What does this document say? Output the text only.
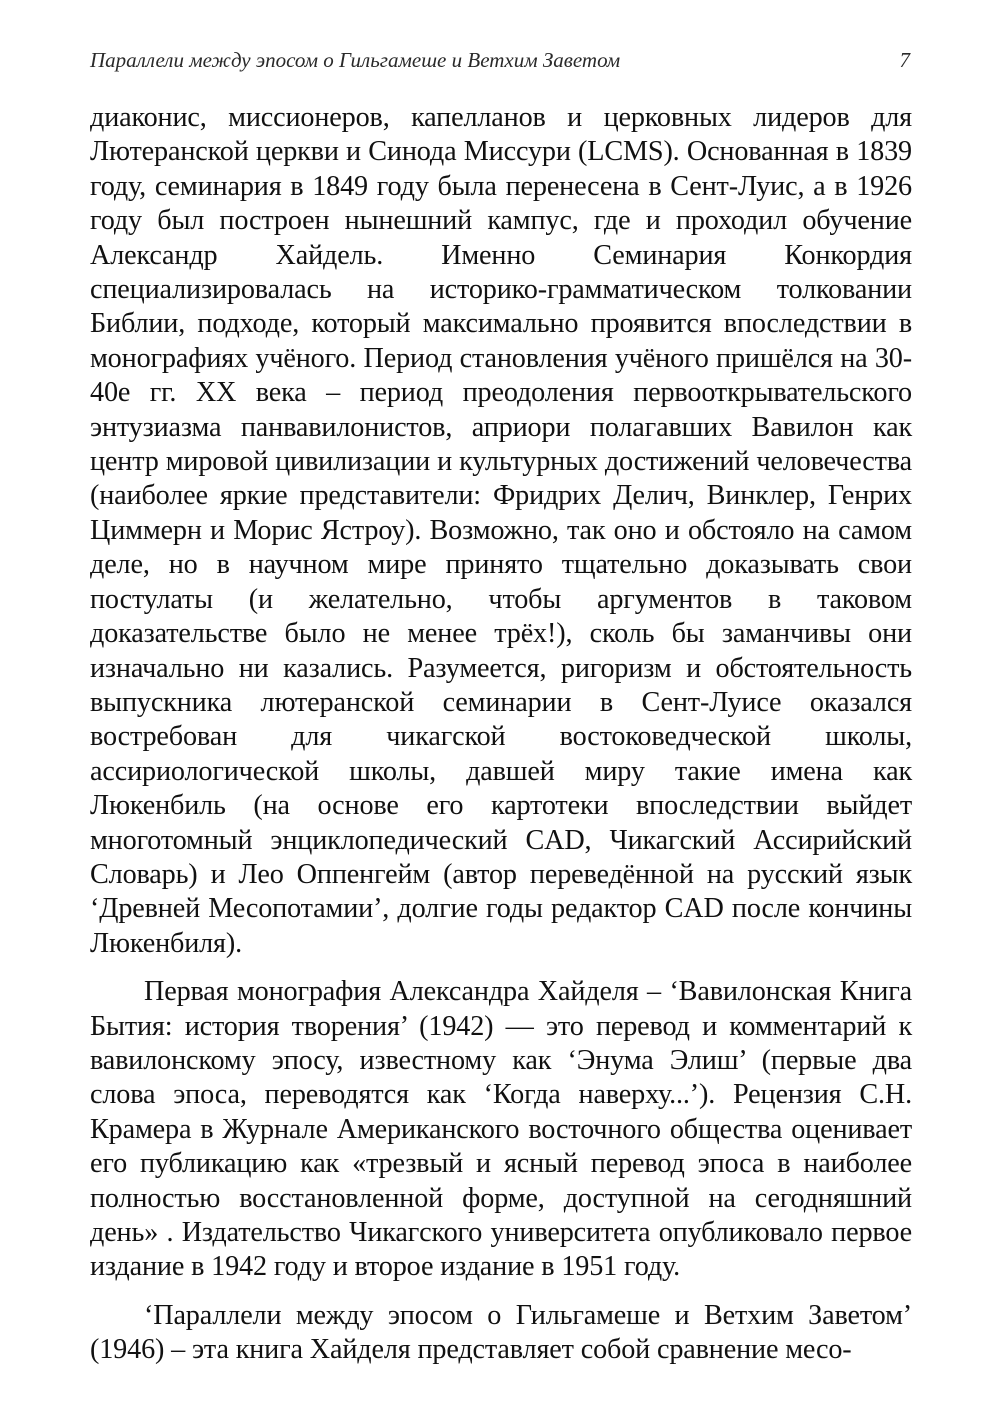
Параллели между эпосом о Гильгамеше и Ветхим Заветом	7

диаконис, миссионеров, капелланов и церковных лидеров для Лютеранской церкви и Синода Миссури (LCMS). Основанная в 1839 году, семинария в 1849 году была перенесена в Сент-Луис, а в 1926 году был построен нынешний кампус, где и проходил обучение Александр Хайдель. Именно Семинария Конкордия специализировалась на историко-грамматическом толковании Библии, подходе, который максимально проявится впоследствии в монографиях учёного. Период становления учёного пришёлся на 30-40е гг. XX века – период преодоления первооткрывательского энтузиазма панвавилонистов, априори полагавших Вавилон как центр мировой цивилизации и культурных достижений человечества (наиболее яркие представители: Фридрих Делич, Винклер, Генрих Циммерн и Морис Ястроу). Возможно, так оно и обстояло на самом деле, но в научном мире принято тщательно доказывать свои постулаты (и желательно, чтобы аргументов в таковом доказательстве было не менее трёх!), сколь бы заманчивы они изначально ни казались. Разумеется, ригоризм и обстоятельность выпускника лютеранской семинарии в Сент-Луисе оказался востребован для чикагской востоковедческой школы, ассириологической школы, давшей миру такие имена как Люкенбиль (на основе его картотеки впоследствии выйдет многотомный энциклопедический CAD, Чикагский Ассирийский Словарь) и Лео Оппенгейм (автор переведённой на русский язык ‘Древней Месопотамии’, долгие годы редактор CAD после кончины Люкенбиля).

Первая монография Александра Хайделя – ‘Вавилонская Книга Бытия: история творения’ (1942) — это перевод и комментарий к вавилонскому эпосу, известному как ‘Энума Элиш’ (первые два слова эпоса, переводятся как ‘Когда наверху...’). Рецензия С.Н. Крамера в Журнале Американского восточного общества оценивает его публикацию как «трезвый и ясный перевод эпоса в наиболее полностью восстановленной форме, доступной на сегодняшний день» . Издательство Чикагского университета опубликовало первое издание в 1942 году и второе издание в 1951 году.

‘Параллели между эпосом о Гильгамеше и Ветхим Заветом’ (1946) – эта книга Хайделя представляет собой сравнение месо-
